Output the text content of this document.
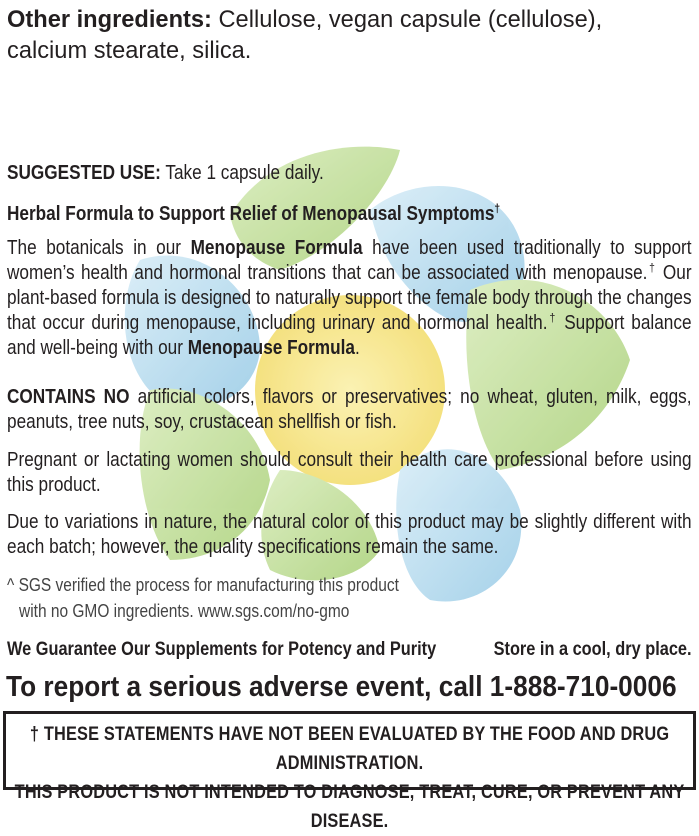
Other ingredients: Cellulose, vegan capsule (cellulose), calcium stearate, silica.
SUGGESTED USE: Take 1 capsule daily.
Herbal Formula to Support Relief of Menopausal Symptoms†
The botanicals in our Menopause Formula have been used traditionally to support women’s health and hormonal transitions that can be associated with menopause.† Our plant-based formula is designed to naturally support the female body through the changes that occur during menopause, including urinary and hormonal health.† Support balance and well-being with our Menopause Formula.
CONTAINS NO artificial colors, flavors or preservatives; no wheat, gluten, milk, eggs, peanuts, tree nuts, soy, crustacean shellfish or fish.
Pregnant or lactating women should consult their health care professional before using this product.
Due to variations in nature, the natural color of this product may be slightly different with each batch; however, the quality specifications remain the same.
^ SGS verified the process for manufacturing this product
with no GMO ingredients. www.sgs.com/no-gmo
We Guarantee Our Supplements for Potency and Purity	Store in a cool, dry place.
To report a serious adverse event, call 1-888-710-0006
† THESE STATEMENTS HAVE NOT BEEN EVALUATED BY THE FOOD AND DRUG ADMINISTRATION.
THIS PRODUCT IS NOT INTENDED TO DIAGNOSE, TREAT, CURE, OR PREVENT ANY DISEASE.
